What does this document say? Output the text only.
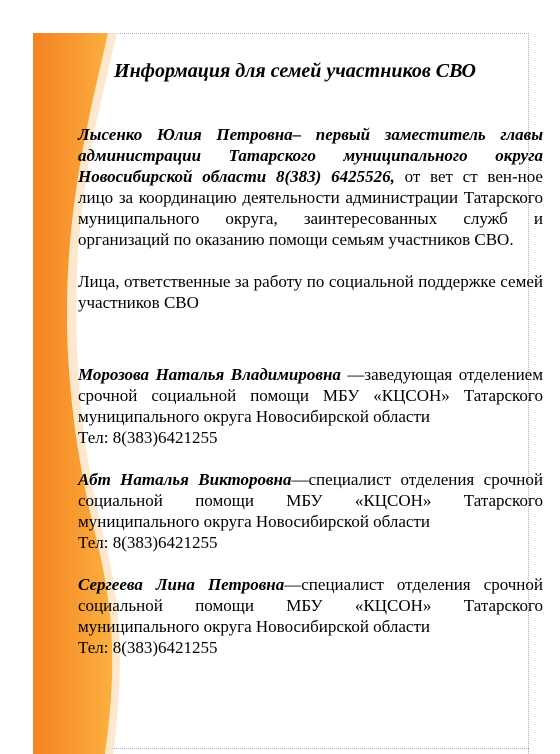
Информация для семей участников СВО

Лысенко Юлия Петровна– первый заместитель главы администрации Татарского муниципального округа Новосибирской области 8(383) 6425526, от вет ст вен-ное лицо за координацию деятельности администрации Татарского муниципального округа, заинтересованных служб и организаций по оказанию помощи семьям участников СВО.

Лица, ответственные за работу по социальной поддержке семей участников СВО

Морозова Наталья Владимировна —заведующая отделением срочной социальной помощи МБУ «КЦСОН» Татарского муниципального округа Новосибирской области
Тел: 8(383)6421255

Абт Наталья Викторовна—специалист отделения срочной социальной помощи МБУ «КЦСОН» Татарского муниципального округа Новосибирской области
Тел: 8(383)6421255

Сергеева Лина Петровна—специалист отделения срочной социальной помощи МБУ «КЦСОН» Татарского муниципального округа Новосибирской области
Тел: 8(383)6421255
